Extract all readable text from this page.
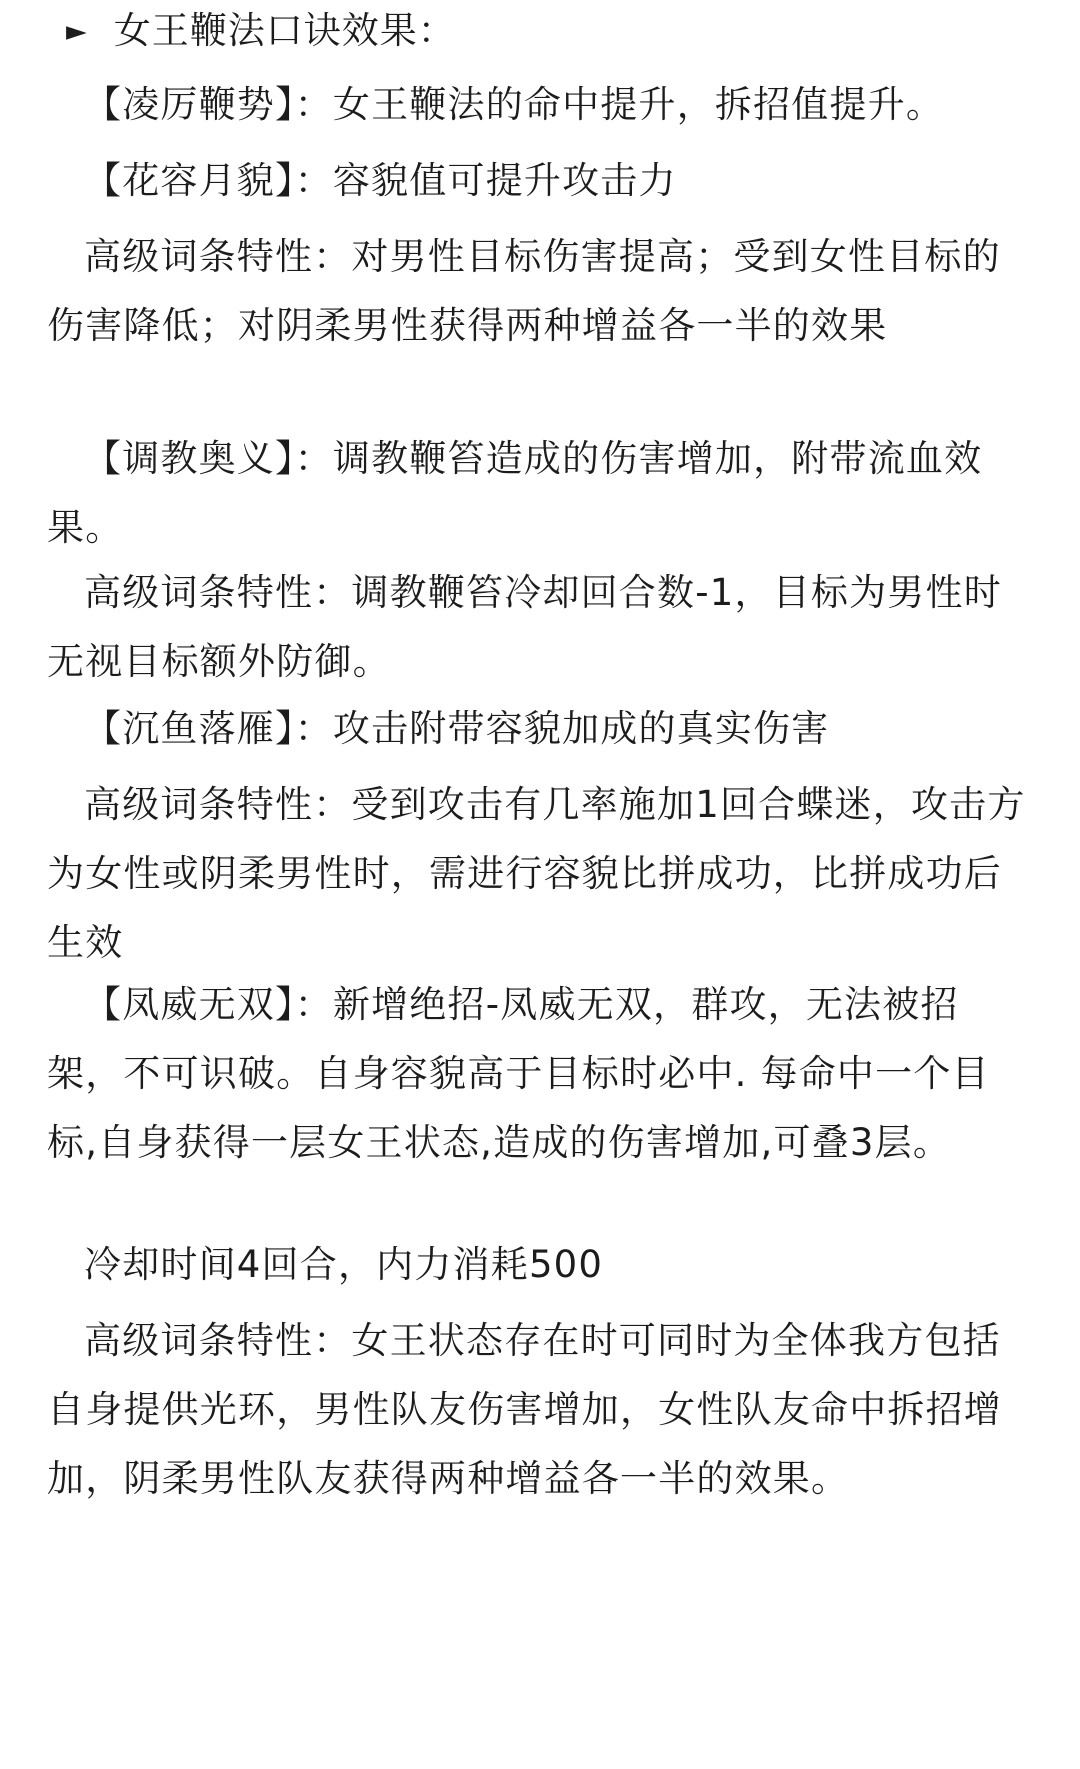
► 女王鞭法口诀效果：
【凌厉鞭势】：女王鞭法的命中提升，拆招值提升。
【花容月貌】：容貌值可提升攻击力
高级词条特性：对男性目标伤害提高；受到女性目标的伤害降低；对阴柔男性获得两种增益各一半的效果
【调教奥义】：调教鞭笞造成的伤害增加，附带流血效果。
高级词条特性：调教鞭笞冷却回合数-1，目标为男性时无视目标额外防御。
【沉鱼落雁】：攻击附带容貌加成的真实伤害
高级词条特性：受到攻击有几率施加1回合蝶迷，攻击方为女性或阴柔男性时，需进行容貌比拼成功，比拼成功后生效
【凤威无双】：新增绝招-凤威无双，群攻，无法被招架，不可识破。自身容貌高于目标时必中. 每命中一个目标,自身获得一层女王状态,造成的伤害增加,可叠3层。
冷却时间4回合，内力消耗500
高级词条特性：女王状态存在时可同时为全体我方包括自身提供光环，男性队友伤害增加，女性队友命中拆招增加，阴柔男性队友获得两种增益各一半的效果。
